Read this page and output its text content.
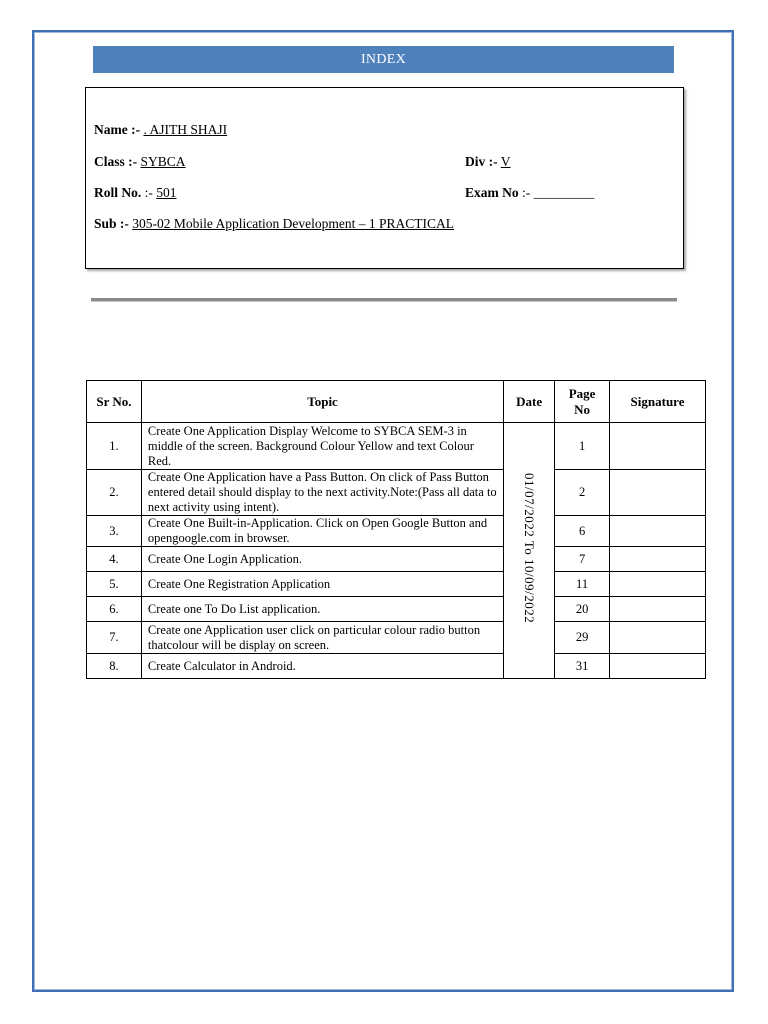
INDEX
Name :- . AJITH SHAJI
Class :- SYBCA	Div :- V
Roll No. :- 501	Exam No :- _________
Sub :- 305-02 Mobile Application Development – 1 PRACTICAL
Sr No.	Topic	Date	Page No	Signature
1.	Create One Application Display Welcome to SYBCA SEM-3 in middle of the screen. Background Colour Yellow and text Colour Red.	01/07/2022 To 10/09/2022	1	
2.	Create One Application have a Pass Button. On click of Pass Button entered detail should display to the next activity.Note:(Pass all data to next activity using intent).		2	
3.	Create One Built-in-Application. Click on Open Google Button and opengoogle.com in browser.		6	
4.	Create One Login Application.		7	
5.	Create One Registration Application		11	
6.	Create one To Do List application.		20	
7.	Create one Application user click on particular colour radio button thatcolour will be display on screen.		29	
8.	Create Calculator in Android.		31	
